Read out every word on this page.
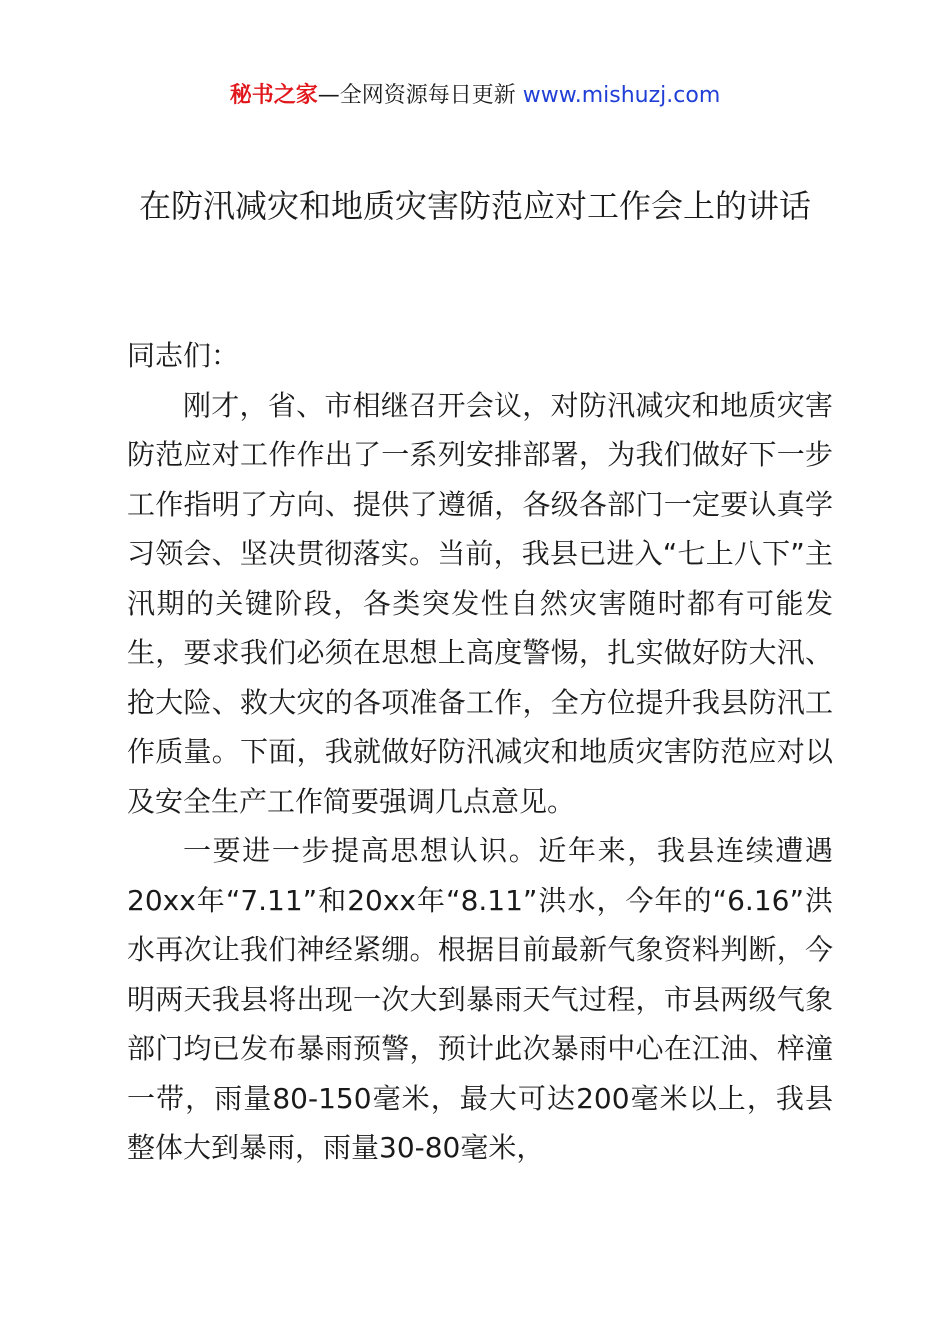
秘书之家—全网资源每日更新 www.mishuzj.com
在防汛减灾和地质灾害防范应对工作会上的讲话

同志们：

刚才，省、市相继召开会议，对防汛减灾和地质灾害防范应对工作作出了一系列安排部署，为我们做好下一步工作指明了方向、提供了遵循，各级各部门一定要认真学习领会、坚决贯彻落实。当前，我县已进入“七上八下”主汛期的关键阶段，各类突发性自然灾害随时都有可能发生，要求我们必须在思想上高度警惕，扎实做好防大汛、抢大险、救大灾的各项准备工作，全方位提升我县防汛工作质量。下面，我就做好防汛减灾和地质灾害防范应对以及安全生产工作简要强调几点意见。

一要进一步提高思想认识。近年来，我县连续遭遇20xx年“7.11”和20xx年“8.11”洪水，今年的“6.16”洪水再次让我们神经紧绷。根据目前最新气象资料判断，今明两天我县将出现一次大到暴雨天气过程，市县两级气象部门均已发布暴雨预警，预计此次暴雨中心在江油、梓潼一带，雨量80-150毫米，最大可达200毫米以上，我县整体大到暴雨，雨量30-80毫米，
